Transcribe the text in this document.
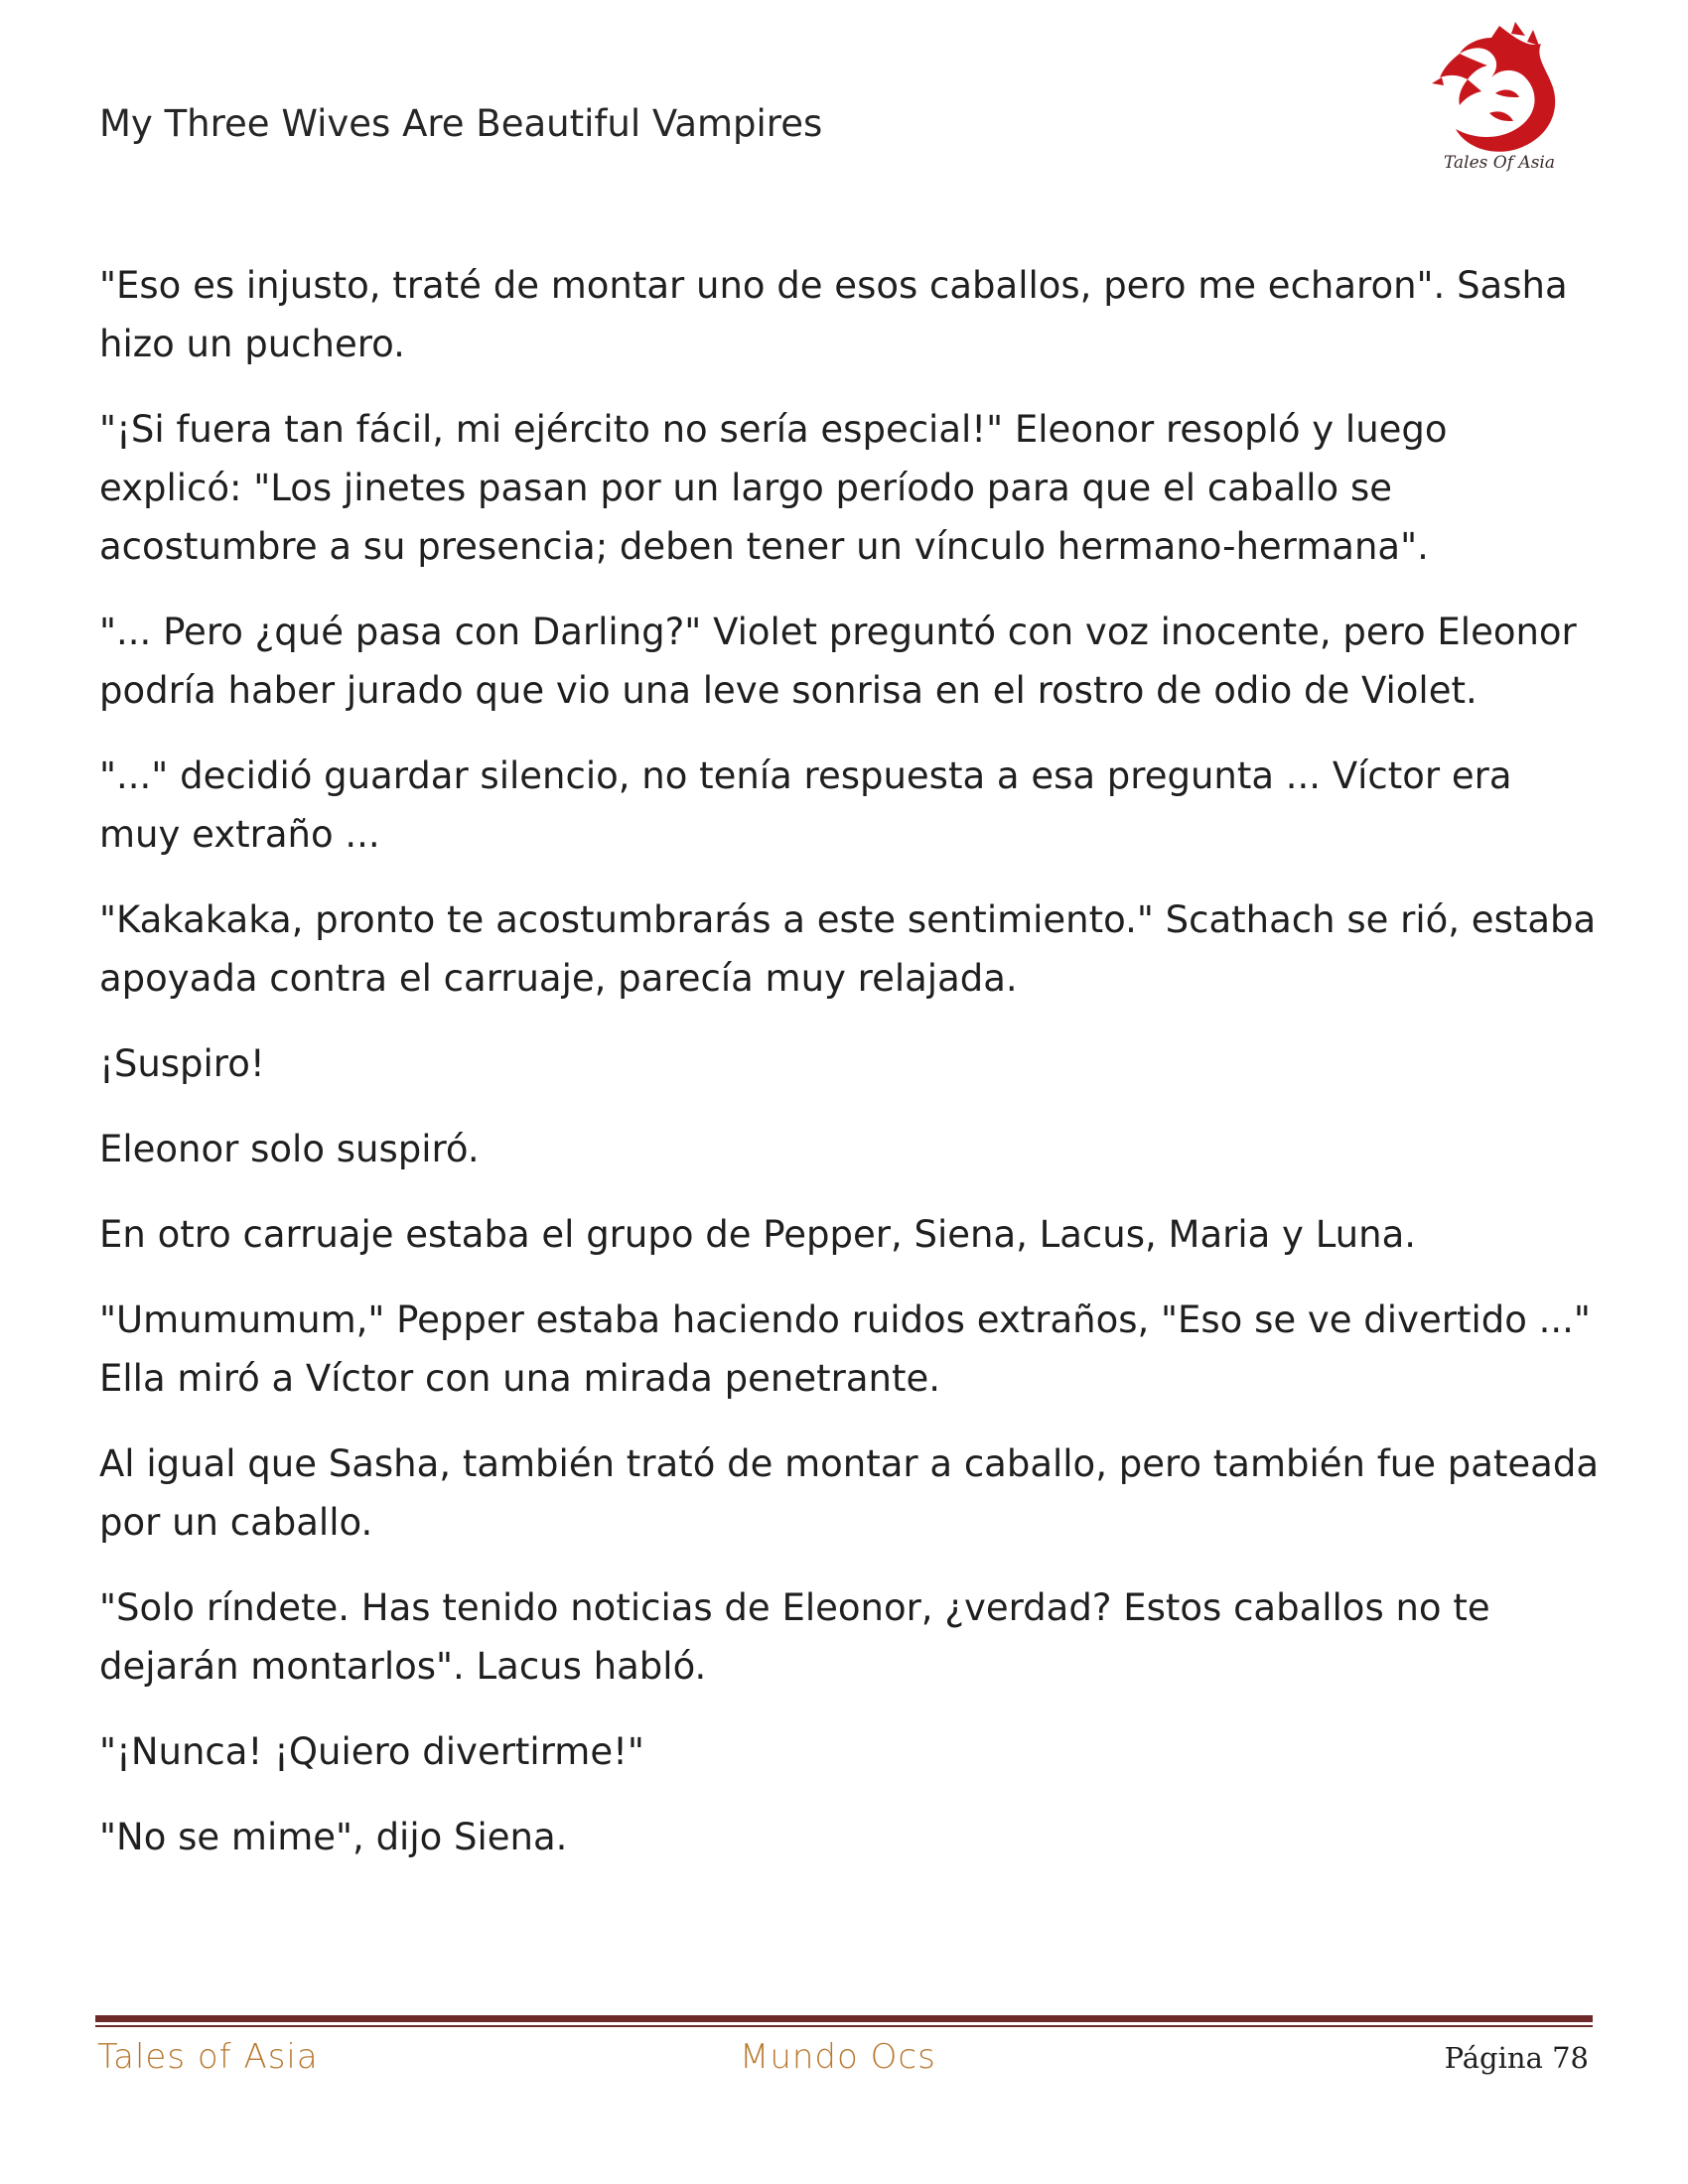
My Three Wives Are Beautiful Vampires
Tales Of Asia

"Eso es injusto, traté de montar uno de esos caballos, pero me echaron". Sasha hizo un puchero.

"¡Si fuera tan fácil, mi ejército no sería especial!" Eleonor resopló y luego explicó: "Los jinetes pasan por un largo período para que el caballo se acostumbre a su presencia; deben tener un vínculo hermano-hermana".

"... Pero ¿qué pasa con Darling?" Violet preguntó con voz inocente, pero Eleonor podría haber jurado que vio una leve sonrisa en el rostro de odio de Violet.

"..." decidió guardar silencio, no tenía respuesta a esa pregunta ... Víctor era muy extraño ...

"Kakakaka, pronto te acostumbrarás a este sentimiento." Scathach se rió, estaba apoyada contra el carruaje, parecía muy relajada.

¡Suspiro!

Eleonor solo suspiró.

En otro carruaje estaba el grupo de Pepper, Siena, Lacus, Maria y Luna.

"Umumumum," Pepper estaba haciendo ruidos extraños, "Eso se ve divertido ..." Ella miró a Víctor con una mirada penetrante.

Al igual que Sasha, también trató de montar a caballo, pero también fue pateada por un caballo.

"Solo ríndete. Has tenido noticias de Eleonor, ¿verdad? Estos caballos no te dejarán montarlos". Lacus habló.

"¡Nunca! ¡Quiero divertirme!"

"No se mime", dijo Siena.

Tales of Asia	Mundo Ocs	Página 78
